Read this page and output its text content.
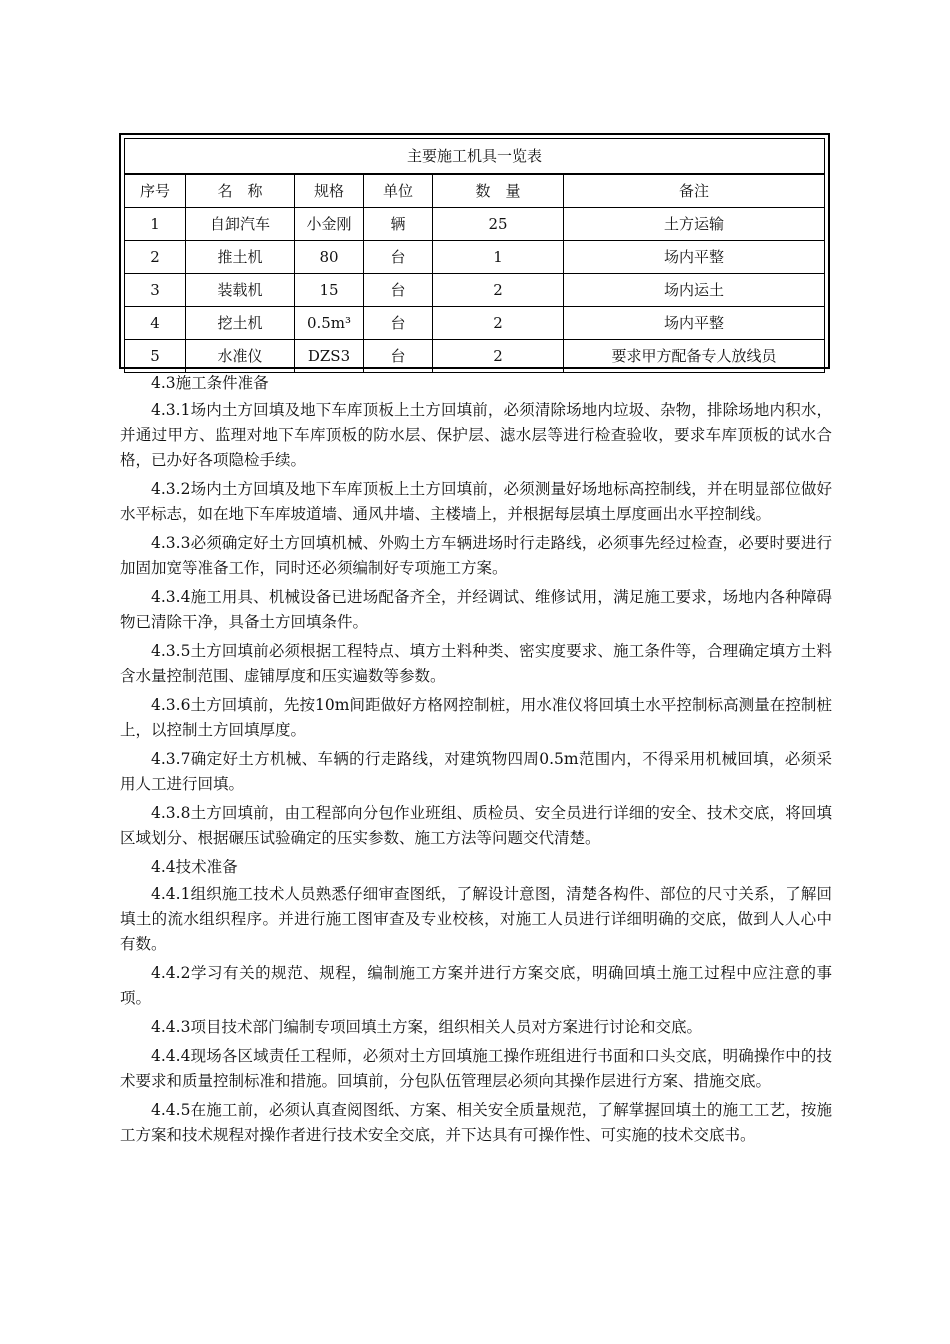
主要施工机具一览表					
序号	名　称	规格	单位	数　量	备注
1	自卸汽车	小金刚	辆	25	土方运输
2	推土机	80	台	1	场内平整
3	装载机	15	台	2	场内运土
4	挖土机	0.5m³	台	2	场内平整
5	水准仪	DZS3	台	2	要求甲方配备专人放线员

4.3施工条件准备

4.3.1场内土方回填及地下车库顶板上土方回填前，必须清除场地内垃圾、杂物，排除场地内积水，并通过甲方、监理对地下车库顶板的防水层、保护层、滤水层等进行检查验收，要求车库顶板的试水合格，已办好各项隐检手续。

4.3.2场内土方回填及地下车库顶板上土方回填前，必须测量好场地标高控制线，并在明显部位做好水平标志，如在地下车库坡道墙、通风井墙、主楼墙上，并根据每层填土厚度画出水平控制线。

4.3.3必须确定好土方回填机械、外购土方车辆进场时行走路线，必须事先经过检查，必要时要进行加固加宽等准备工作，同时还必须编制好专项施工方案。

4.3.4施工用具、机械设备已进场配备齐全，并经调试、维修试用，满足施工要求，场地内各种障碍物已清除干净，具备土方回填条件。

4.3.5土方回填前必须根据工程特点、填方土料种类、密实度要求、施工条件等，合理确定填方土料含水量控制范围、虚铺厚度和压实遍数等参数。

4.3.6土方回填前，先按10m间距做好方格网控制桩，用水准仪将回填土水平控制标高测量在控制桩上，以控制土方回填厚度。

4.3.7确定好土方机械、车辆的行走路线，对建筑物四周0.5m范围内，不得采用机械回填，必须采用人工进行回填。

4.3.8土方回填前，由工程部向分包作业班组、质检员、安全员进行详细的安全、技术交底，将回填区域划分、根据碾压试验确定的压实参数、施工方法等问题交代清楚。

4.4技术准备

4.4.1组织施工技术人员熟悉仔细审查图纸，了解设计意图，清楚各构件、部位的尺寸关系，了解回填土的流水组织程序。并进行施工图审查及专业校核，对施工人员进行详细明确的交底，做到人人心中有数。

4.4.2学习有关的规范、规程，编制施工方案并进行方案交底，明确回填土施工过程中应注意的事项。

4.4.3项目技术部门编制专项回填土方案，组织相关人员对方案进行讨论和交底。

4.4.4现场各区域责任工程师，必须对土方回填施工操作班组进行书面和口头交底，明确操作中的技术要求和质量控制标准和措施。回填前，分包队伍管理层必须向其操作层进行方案、措施交底。

4.4.5在施工前，必须认真查阅图纸、方案、相关安全质量规范，了解掌握回填土的施工工艺，按施工方案和技术规程对操作者进行技术安全交底，并下达具有可操作性、可实施的技术交底书。
